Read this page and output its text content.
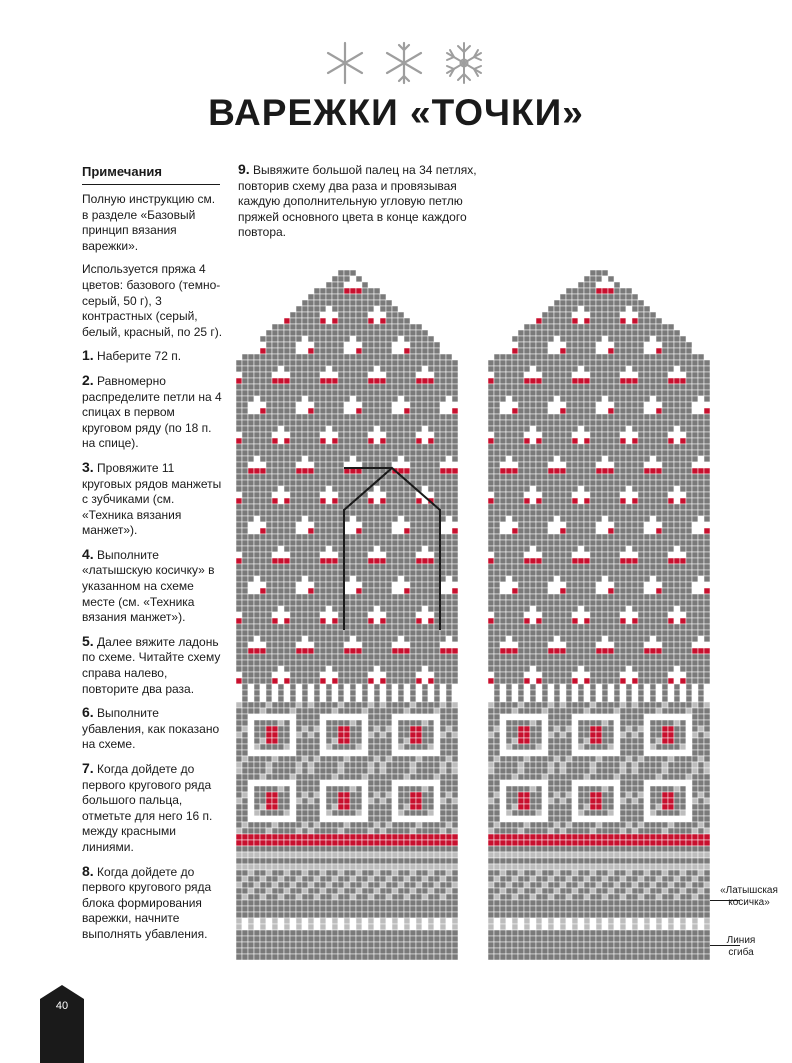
ВАРЕЖКИ «ТОЧКИ»
Примечания

Полную инструкцию см. в разделе «Базовый принцип вязания варежки».

Используется пряжа 4 цветов: базового (темно-серый, 50 г), 3 контрастных (серый, белый, красный, по 25 г).

1. Наберите 72 п.

2. Равномерно распределите петли на 4 спицах в первом круговом ряду (по 18 п. на спице).

3. Провяжите 11 круговых рядов манжеты с зубчиками (см. «Техника вязания манжет»).

4. Выполните «латышскую косичку» в указанном на схеме месте (см. «Техника вязания манжет»).

5. Далее вяжите ладонь по схеме. Читайте схему справа налево, повторите два раза.

6. Выполните убавления, как показано на схеме.

7. Когда дойдете до первого кругового ряда большого пальца, отметьте для него 16 п. между красными линиями.

8. Когда дойдете до первого кругового ряда блока формирования варежки, начните выполнять убавления.

9. Вывяжите большой палец на 34 петлях, повторив схему два раза и провязывая каждую дополнительную угловую петлю пряжей основного цвета в конце каждого повтора.
«Латышская косичка»
Линия сгиба
40
